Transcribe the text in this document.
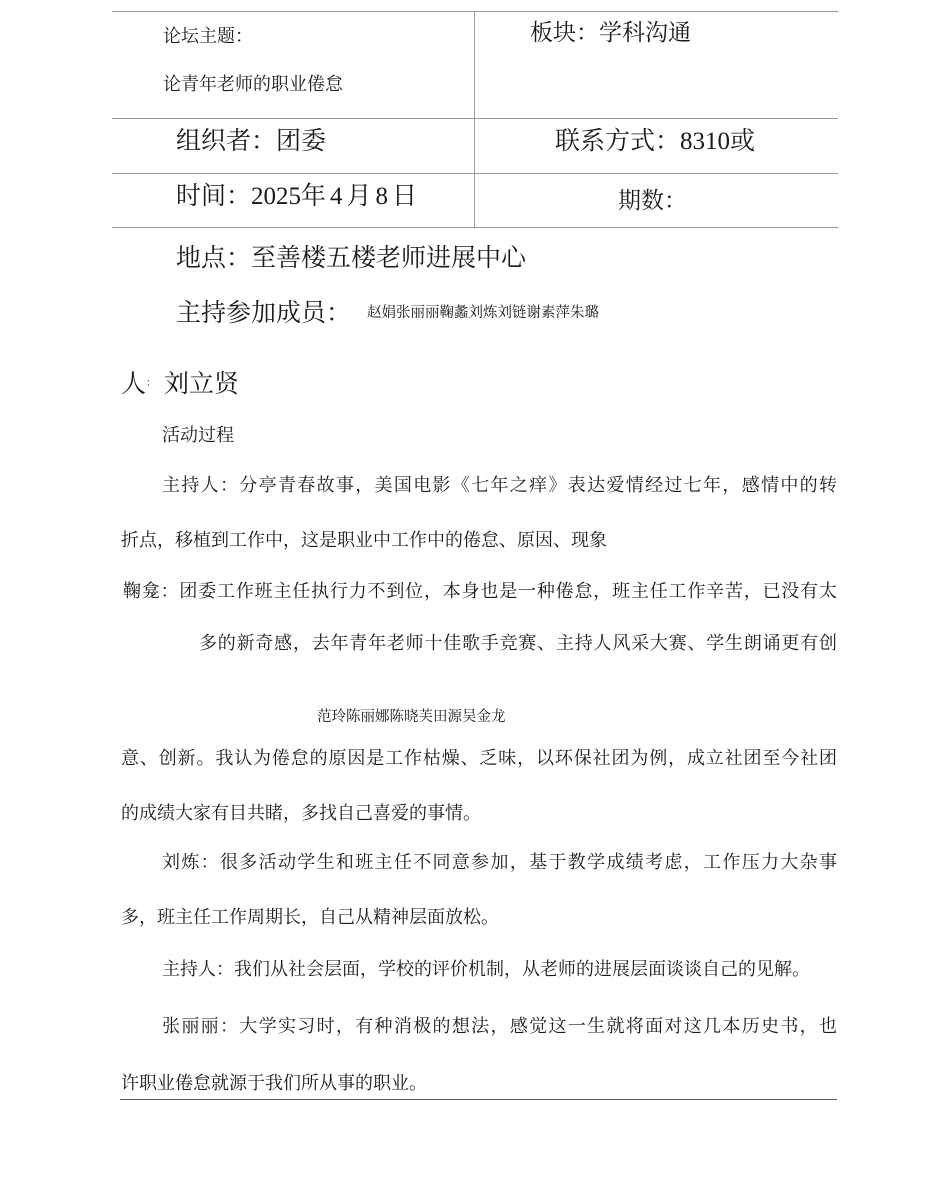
论坛主题：
论青年老师的职业倦怠
板块：学科沟通
组织者：团委	联系方式：8310或
时间：2025年 4 月 8 日	期数：
地点：至善楼五楼老师进展中心
主持参加成员： 赵娟张丽丽鞠蠡刘炼刘链谢素萍朱璐
人： 刘立贤
活动过程
主持人：分亭青春故事，美国电影《七年之痒》表达爱情经过七年，感情中的转
折点，移植到工作中，这是职业中工作中的倦怠、原因、现象
鞠龛：团委工作班主任执行力不到位，本身也是一种倦怠，班主任工作辛苦，已没有太
多的新奇感，去年青年老师十佳歌手竞赛、主持人风采大赛、学生朗诵更有创
范玲陈丽娜陈晓芙田源吴金龙
意、创新。我认为倦怠的原因是工作枯燥、乏味，以环保社团为例，成立社团至今社团
的成绩大家有目共睹，多找自己喜爱的事情。
刘炼：很多活动学生和班主任不同意参加，基于教学成绩考虑，工作压力大杂事
多，班主任工作周期长，自己从精神层面放松。
主持人：我们从社会层面，学校的评价机制，从老师的进展层面谈谈自己的见解。
张丽丽：大学实习时，有种消极的想法，感觉这一生就将面对这几本历史书，也
许职业倦怠就源于我们所从事的职业。
